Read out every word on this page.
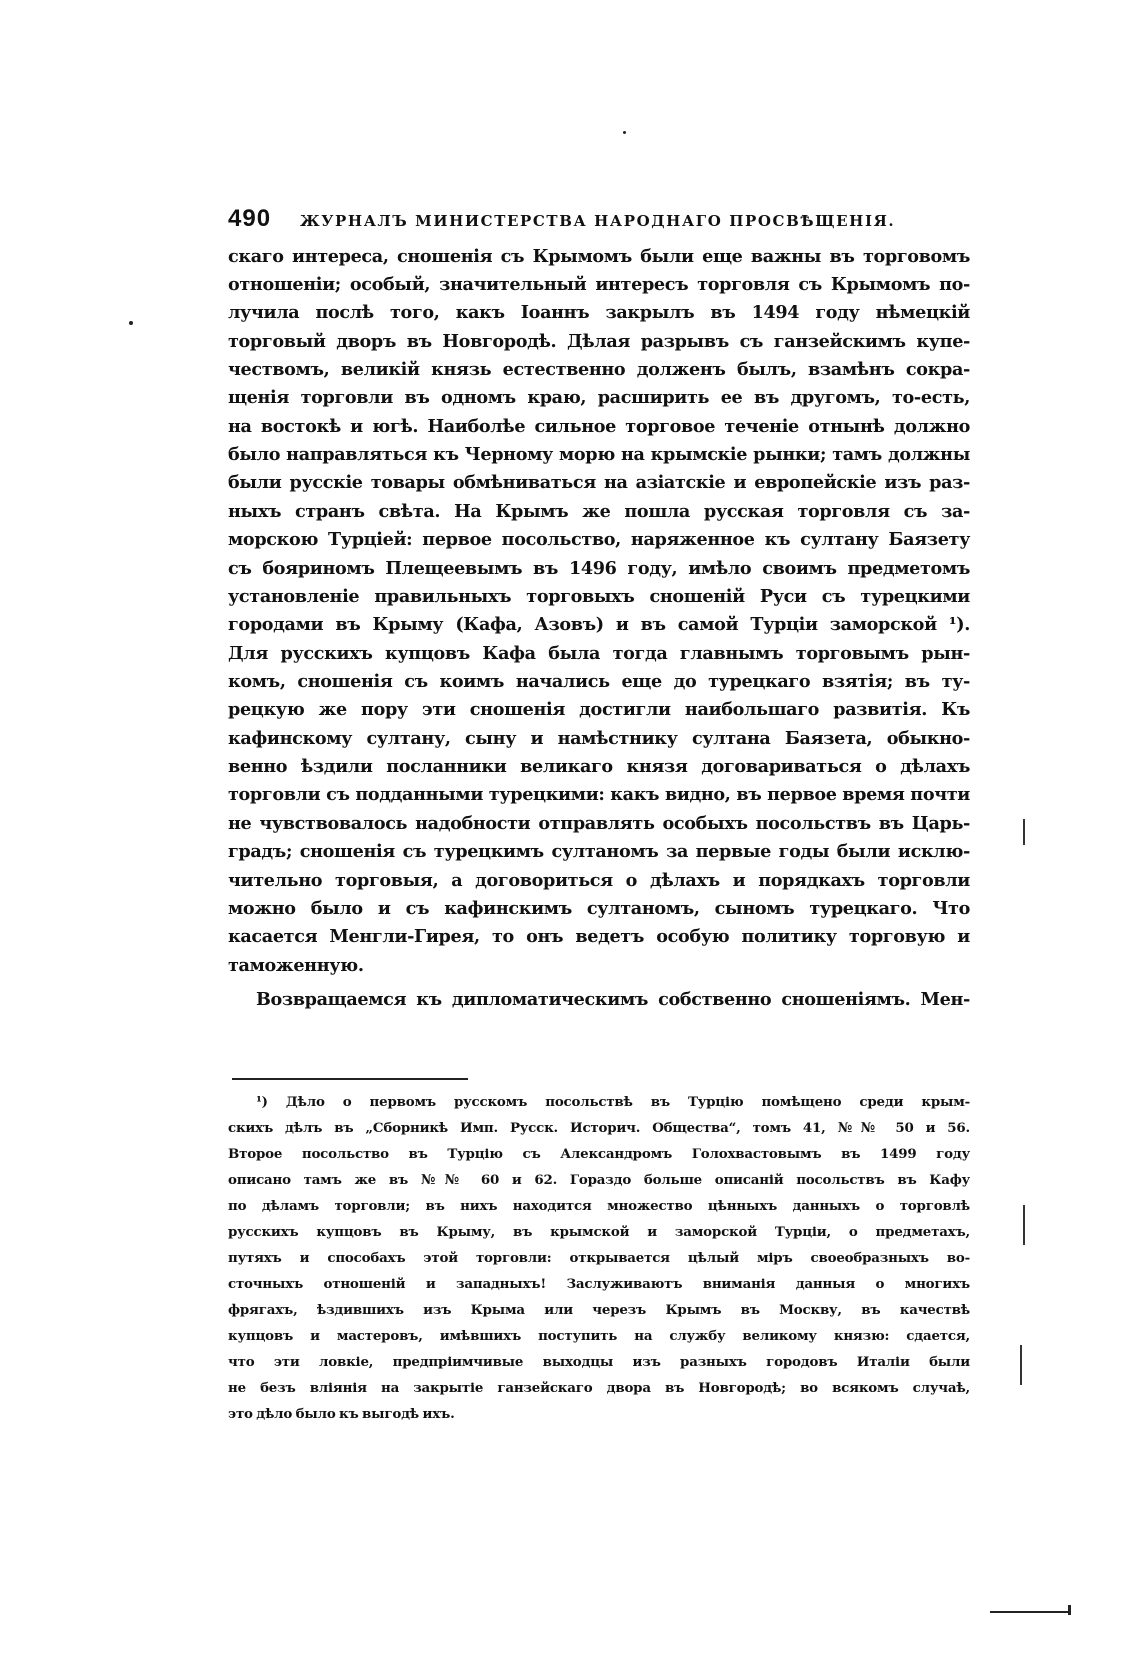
490 ЖУРНАЛЪ МИНИСТЕРСТВА НАРОДНАГО ПРОСВѢЩЕНІЯ.
скаго интереса, сношенія съ Крымомъ были еще важны въ торговомъ
отношеніи; особый, значительный интересъ торговля съ Крымомъ по-
лучила послѣ того, какъ Іоаннъ закрылъ въ 1494 году нѣмецкій
торговый дворъ въ Новгородѣ. Дѣлая разрывъ съ ганзейскимъ купе-
чествомъ, великій князь естественно долженъ былъ, взамѣнъ сокра-
щенія торговли въ одномъ краю, расширить ее въ другомъ, то-есть,
на востокѣ и югѣ. Наиболѣе сильное торговое теченіе отнынѣ должно
было направляться къ Черному морю на крымскіе рынки; тамъ должны
были русскіе товары обмѣниваться на азіатскіе и европейскіе изъ раз-
ныхъ странъ свѣта. На Крымъ же пошла русская торговля съ за-
морскою Турціей: первое посольство, наряженное къ султану Баязету
съ бояриномъ Плещеевымъ въ 1496 году, имѣло своимъ предметомъ
установленіе правильныхъ торговыхъ сношеній Руси съ турецкими
городами въ Крыму (Кафа, Азовъ) и въ самой Турціи заморской ¹).
Для русскихъ купцовъ Кафа была тогда главнымъ торговымъ рын-
комъ, сношенія съ коимъ начались еще до турецкаго взятія; въ ту-
рецкую же пору эти сношенія достигли наибольшаго развитія. Къ
кафинскому султану, сыну и намѣстнику султана Баязета, обыкно-
венно ѣздили посланники великаго князя договариваться о дѣлахъ
торговли съ подданными турецкими: какъ видно, въ первое время почти
не чувствовалось надобности отправлять особыхъ посольствъ въ Царь-
градъ; сношенія съ турецкимъ султаномъ за первые годы были исклю-
чительно торговыя, а договориться о дѣлахъ и порядкахъ торговли
можно было и съ кафинскимъ султаномъ, сыномъ турецкаго. Что
касается Менгли-Гирея, то онъ ведетъ особую политику торговую и
таможенную.
Возвращаемся къ дипломатическимъ собственно сношеніямъ. Мен-
¹) Дѣло о первомъ русскомъ посольствѣ въ Турцію помѣщено среди крым-
скихъ дѣлъ въ „Сборникѣ Имп. Русск. Историч. Общества“, томъ 41, №№ 50 и 56.
Второе посольство въ Турцію съ Александромъ Голохвастовымъ въ 1499 году
описано тамъ же въ №№ 60 и 62. Гораздо больше описаній посольствъ въ Кафу
по дѣламъ торговли; въ нихъ находится множество цѣнныхъ данныхъ о торговлѣ
русскихъ купцовъ въ Крыму, въ крымской и заморской Турціи, о предметахъ,
путяхъ и способахъ этой торговли: открывается цѣлый міръ своеобразныхъ во-
сточныхъ отношеній и западныхъ! Заслуживаютъ вниманія данныя о многихъ
фрягахъ, ѣздившихъ изъ Крыма или черезъ Крымъ въ Москву, въ качествѣ
купцовъ и мастеровъ, имѣвшихъ поступить на службу великому князю: сдается,
что эти ловкіе, предпріимчивые выходцы изъ разныхъ городовъ Италіи были
не безъ вліянія на закрытіе ганзейскаго двора въ Новгородѣ; во всякомъ случаѣ,
это дѣло было къ выгодѣ ихъ.
